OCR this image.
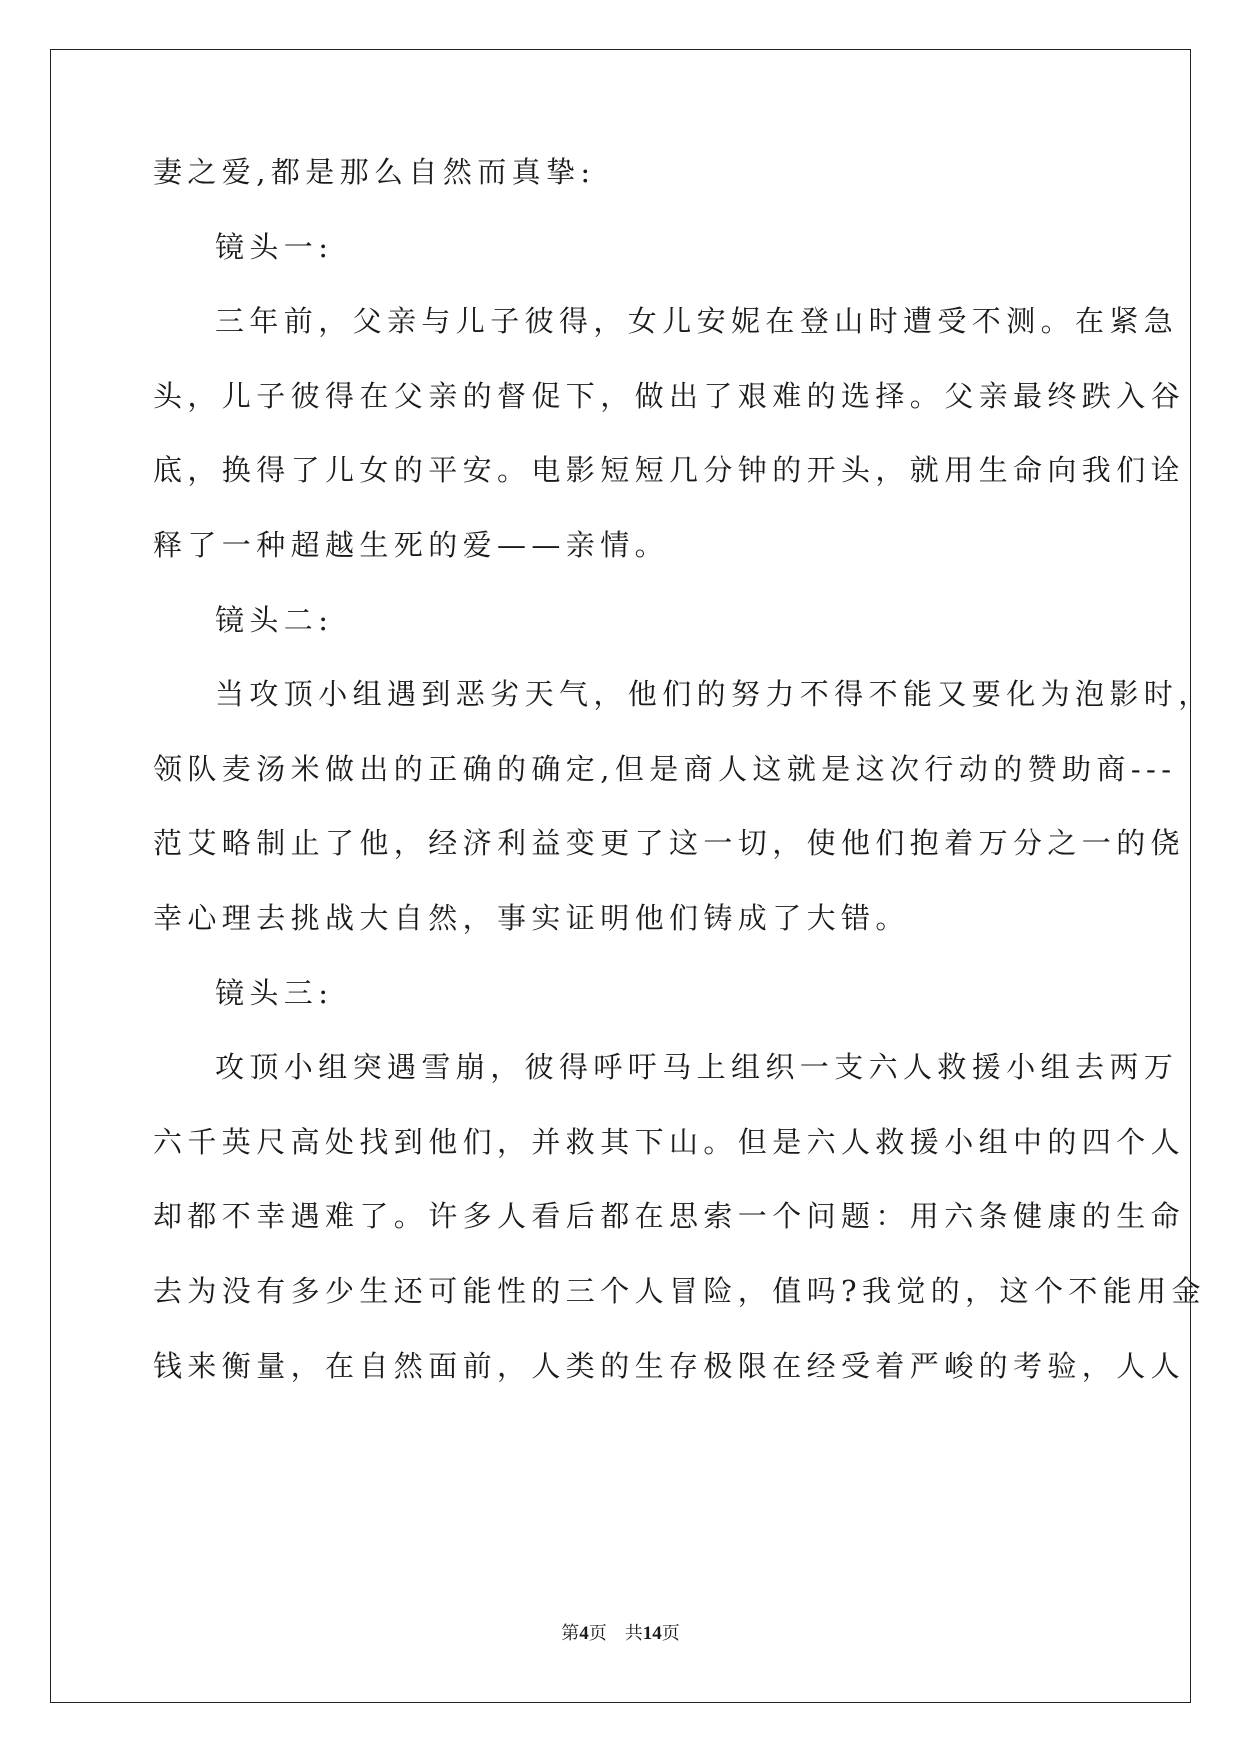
妻之爱,都是那么自然而真挚:
镜头一:
三年前，父亲与儿子彼得，女儿安妮在登山时遭受不测。在紧急
头，儿子彼得在父亲的督促下，做出了艰难的选择。父亲最终跌入谷
底，换得了儿女的平安。电影短短几分钟的开头，就用生命向我们诠
释了一种超越生死的爱——亲情。
镜头二:
当攻顶小组遇到恶劣天气，他们的努力不得不能又要化为泡影时，
领队麦汤米做出的正确的确定,但是商人这就是这次行动的赞助商---
范艾略制止了他，经济利益变更了这一切，使他们抱着万分之一的侥
幸心理去挑战大自然，事实证明他们铸成了大错。
镜头三:
攻顶小组突遇雪崩，彼得呼吁马上组织一支六人救援小组去两万
六千英尺高处找到他们，并救其下山。但是六人救援小组中的四个人
却都不幸遇难了。许多人看后都在思索一个问题：用六条健康的生命
去为没有多少生还可能性的三个人冒险，值吗?我觉的，这个不能用金
钱来衡量，在自然面前，人类的生存极限在经受着严峻的考验，人人
第4页 共14页
